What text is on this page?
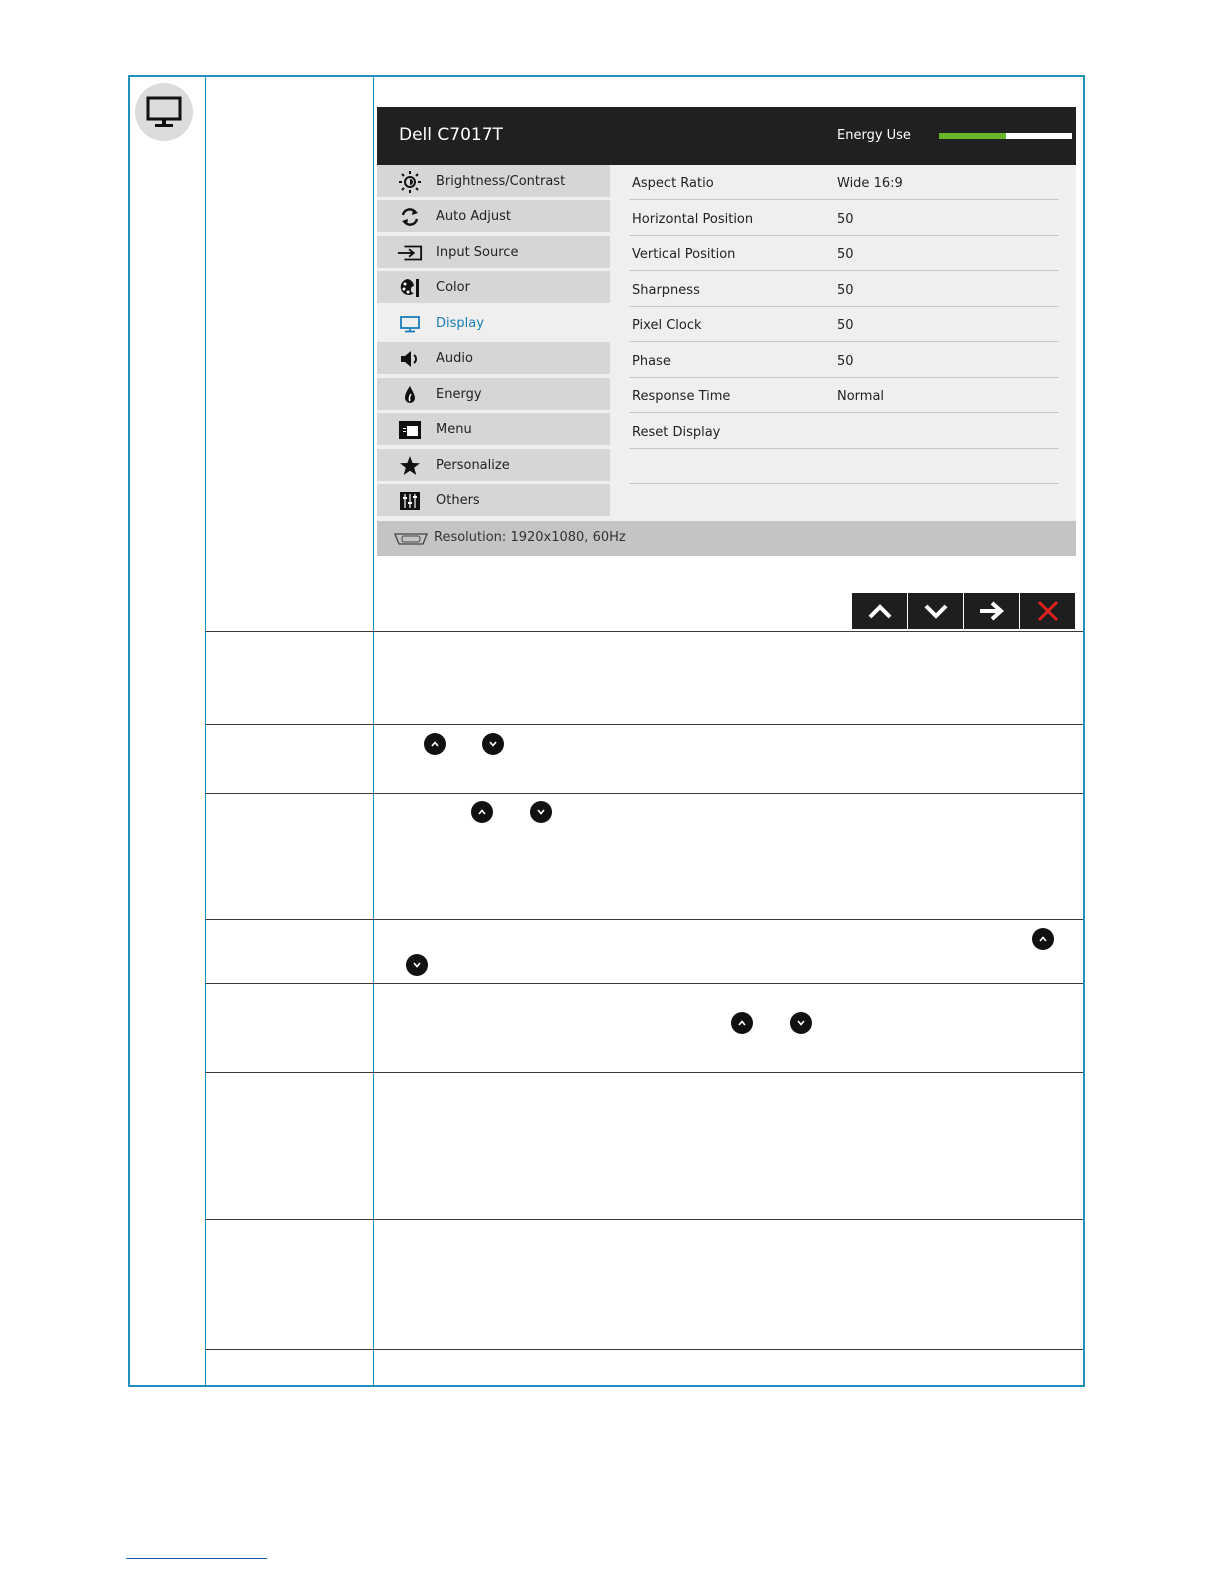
Dell C7017T	Energy Use
Brightness/Contrast
Auto Adjust
Input Source
Color
Display
Audio
Energy
Menu
Personalize
Others
Aspect Ratio	Wide 16:9
Horizontal Position	50
Vertical Position	50
Sharpness	50
Pixel Clock	50
Phase	50
Response Time	Normal
Reset Display
Resolution: 1920x1080, 60Hz
